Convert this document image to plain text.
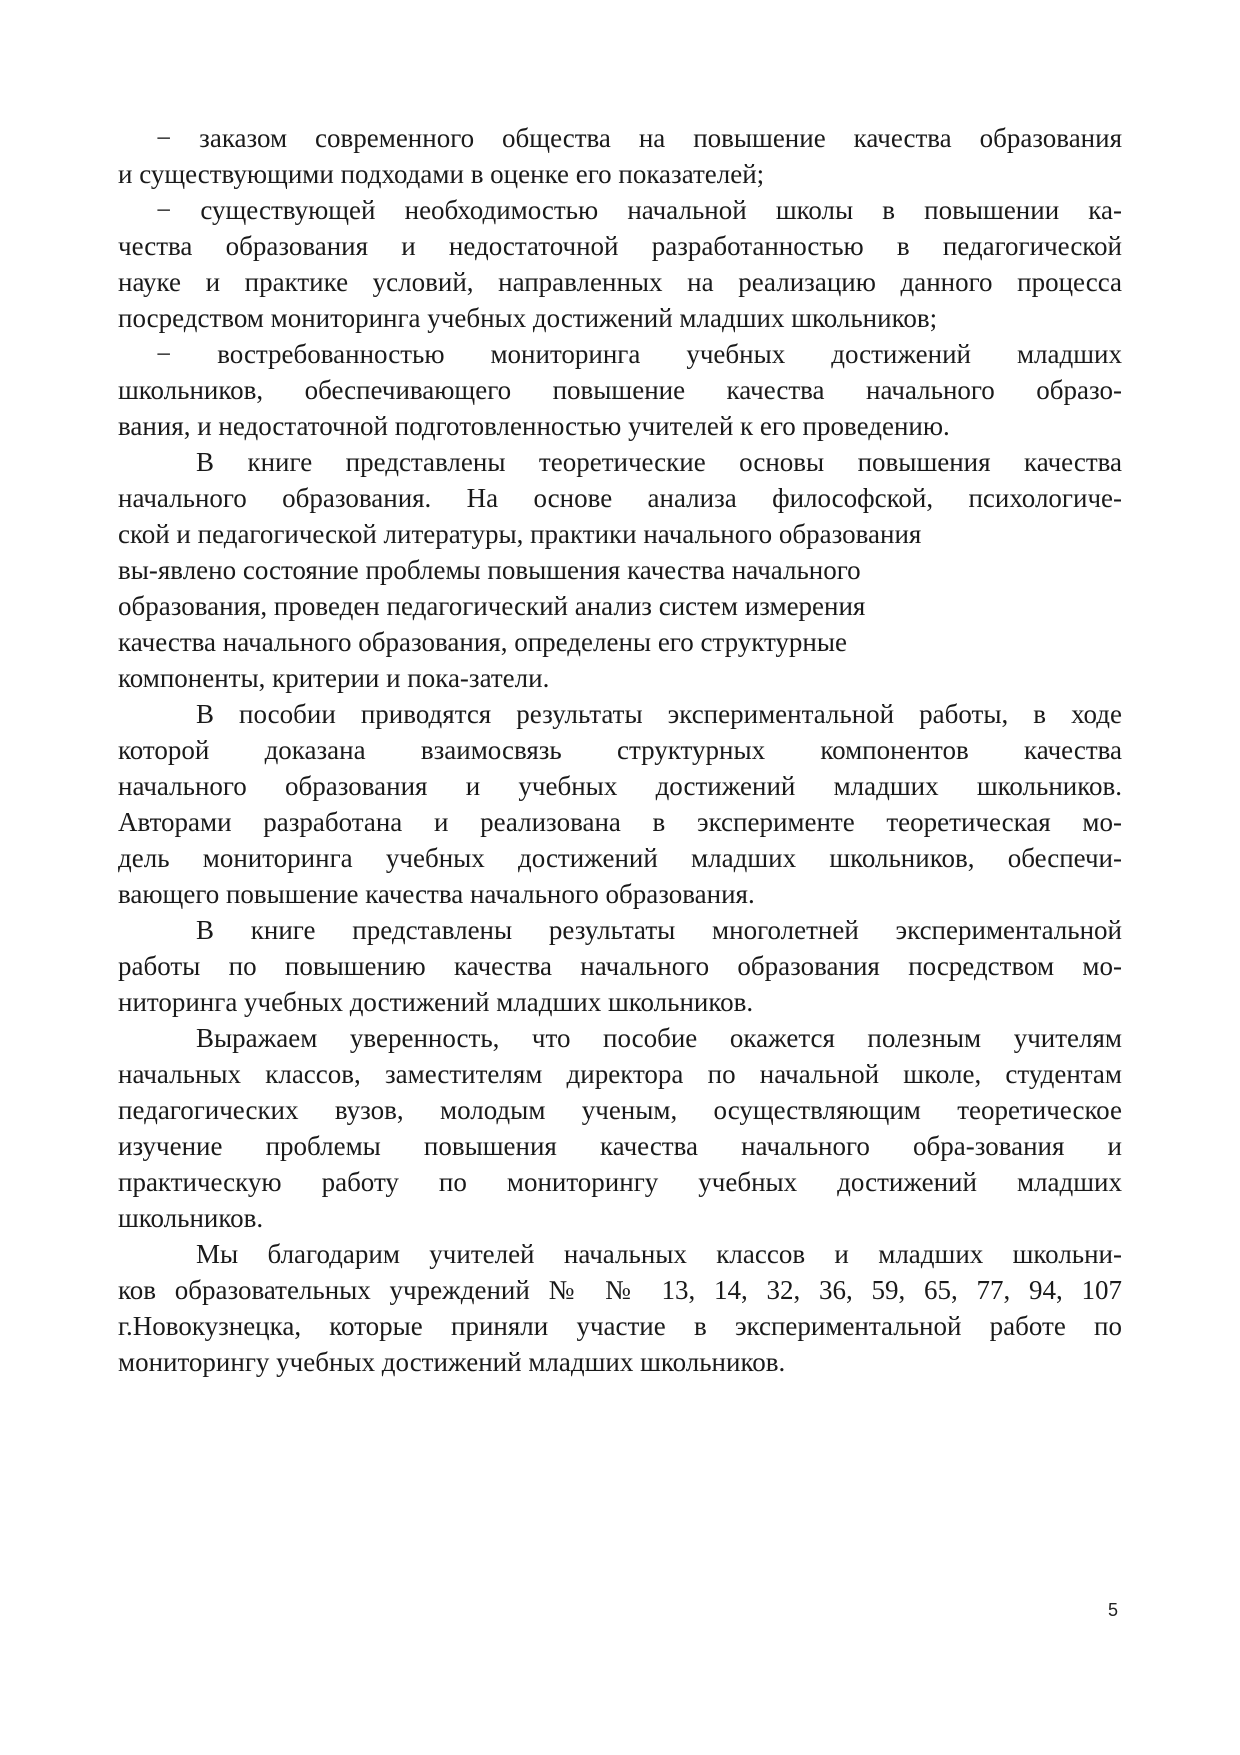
− заказом современного общества на повышение качества образования
и существующими подходами в оценке его показателей;
− существующей необходимостью начальной школы в повышении ка-
чества образования и недостаточной разработанностью в педагогической
науке и практике условий, направленных на реализацию данного процесса
посредством мониторинга учебных достижений младших школьников;
− востребованностью мониторинга учебных достижений младших
школьников, обеспечивающего повышение качества начального образо-
вания, и недостаточной подготовленностью учителей к его проведению.
В книге представлены теоретические основы повышения качества
начального образования. На основе анализа философской, психологиче-
ской и педагогической литературы, практики начального образования
вы-явлено состояние проблемы повышения качества начального
образования, проведен педагогический анализ систем измерения
качества начального образования, определены его структурные
компоненты, критерии и пока-затели.
В пособии приводятся результаты экспериментальной работы, в ходе
которой доказана взаимосвязь структурных компонентов качества
начального образования и учебных достижений младших школьников.
Авторами разработана и реализована в эксперименте теоретическая мо-
дель мониторинга учебных достижений младших школьников, обеспечи-
вающего повышение качества начального образования.
В книге представлены результаты многолетней экспериментальной
работы по повышению качества начального образования посредством мо-
ниторинга учебных достижений младших школьников.
Выражаем уверенность, что пособие окажется полезным учителям
начальных классов, заместителям директора по начальной школе, студентам
педагогических вузов, молодым ученым, осуществляющим теоретическое
изучение проблемы повышения качества начального обра-зования и
практическую работу по мониторингу учебных достижений младших
школьников.
Мы благодарим учителей начальных классов и младших школьни-
ков образовательных учреждений № № 13, 14, 32, 36, 59, 65, 77, 94, 107
г.Новокузнецка, которые приняли участие в экспериментальной работе по
мониторингу учебных достижений младших школьников.
5
